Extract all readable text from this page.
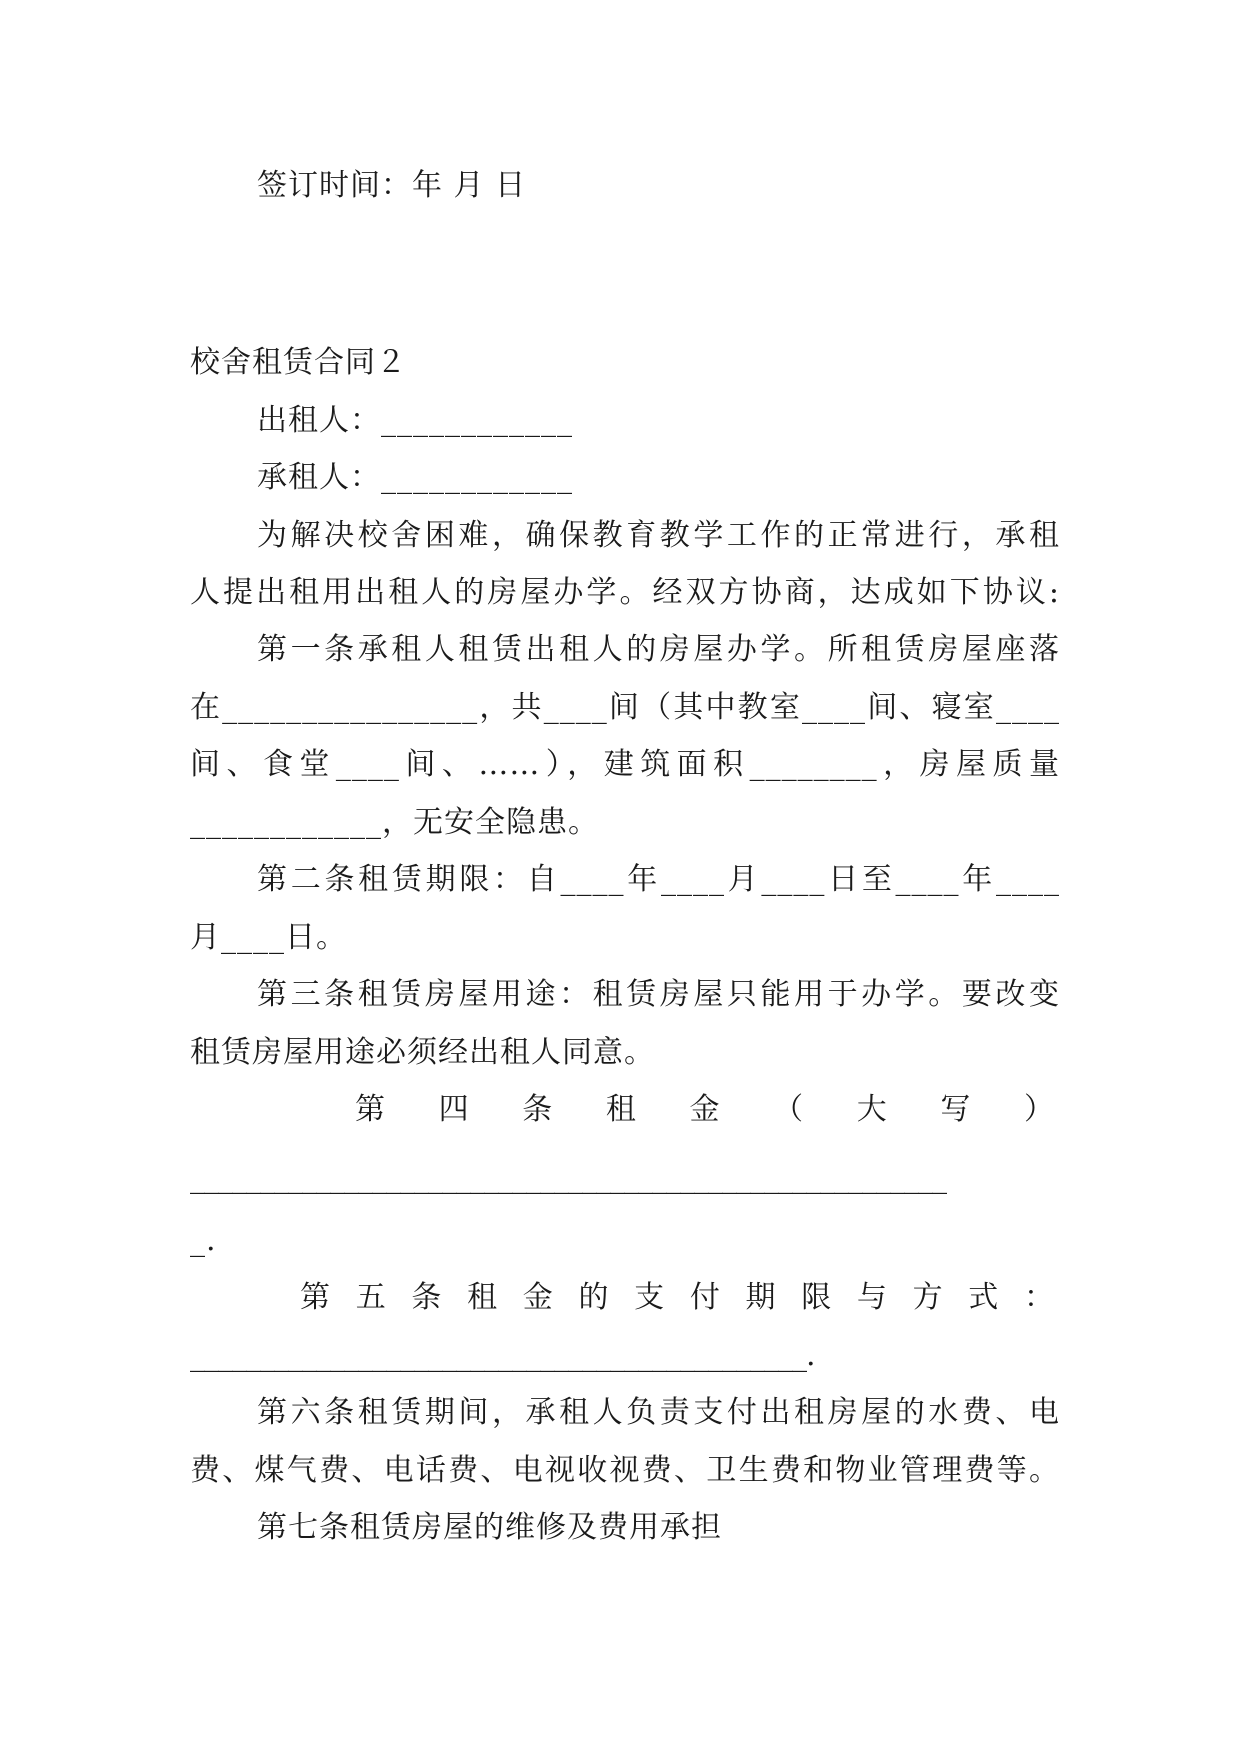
签订时间：年 月 日
校舍租赁合同２
出租人：____________
承租人：____________
为解决校舍困难，确保教育教学工作的正常进行，承租
人提出租用出租人的房屋办学。经双方协商，达成如下协议:
第一条承租人租赁出租人的房屋办学。所租赁房屋座落
在________________，共____间（其中教室____间、寝室____
间、食堂____间、……），建筑面积________，房屋质量
____________，无安全隐患。
第二条租赁期限：自____年____月____日至____年____
月____日。
第三条租赁房屋用途：租赁房屋只能用于办学。要改变
租赁房屋用途必须经出租人同意。
第 四 条 租 金 （ 大 写 ）
______________________________________________________
_.
第 五 条 租 金 的 支 付 期 限 与 方 式 ：
____________________________________________.
第六条租赁期间，承租人负责支付出租房屋的水费、电
费、煤气费、电话费、电视收视费、卫生费和物业管理费等。
第七条租赁房屋的维修及费用承担
